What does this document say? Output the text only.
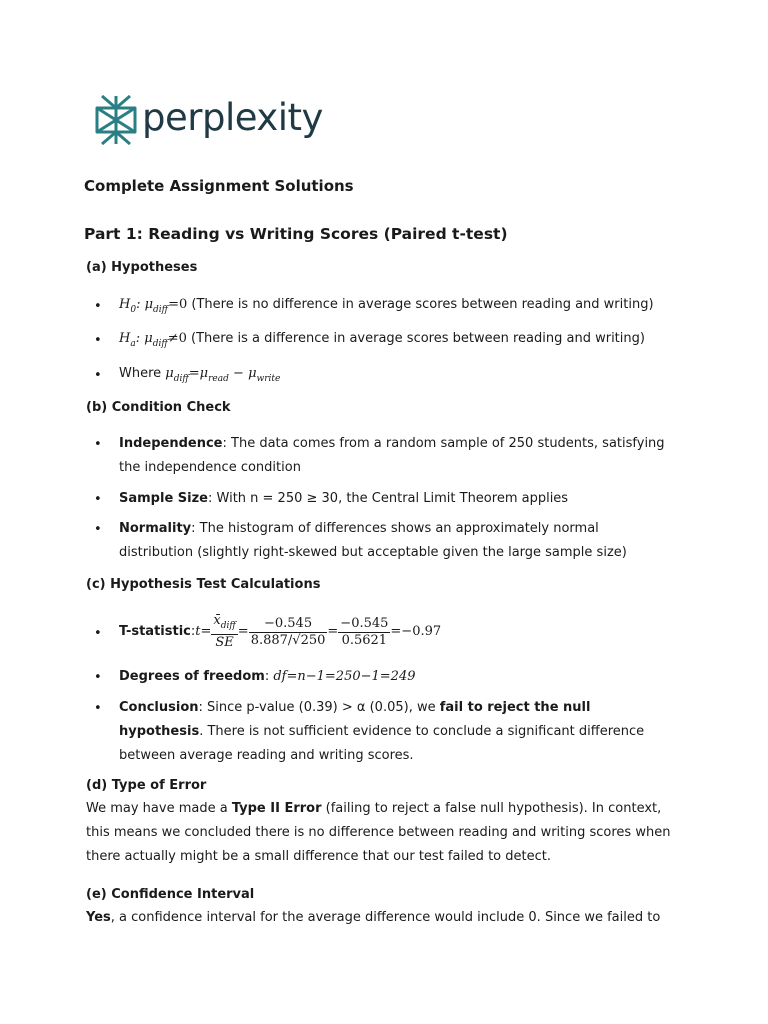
perplexity
Complete Assignment Solutions
Part 1: Reading vs Writing Scores (Paired t-test)
(a) Hypotheses
• $H_0$: $\mu_{diff}=0$ (There is no difference in average scores between reading and writing)
• $H_a$: $\mu_{diff}\ne 0$ (There is a difference in average scores between reading and writing)
• Where $\mu_{diff}=\mu_{read} - \mu_{write}$
(b) Condition Check
• Independence: The data comes from a random sample of 250 students, satisfying
the independence condition
• Sample Size: With n = 250 ≥ 30, the Central Limit Theorem applies
• Normality: The histogram of differences shows an approximately normal
distribution (slightly right-skewed but acceptable given the large sample size)
(c) Hypothesis Test Calculations
• T-statistic : $t = \frac{x̄_{diff}}{SE} = \frac{-0.545}{8.887/√250} = \frac{-0.545}{0.5621} =-0.97$
• Degrees of freedom: df=n−1=250−1=249
• Conclusion: Since p-value (0.39) > α (0.05), we fail to reject the null
hypothesis. There is not sufficient evidence to conclude a significant difference
between average reading and writing scores.
(d) Type of Error
We may have made a Type II Error (failing to reject a false null hypothesis). In context,
this means we concluded there is no difference between reading and writing scores when
there actually might be a small difference that our test failed to detect.
(e) Confidence Interval
Yes, a confidence interval for the average difference would include 0. Since we failed to
